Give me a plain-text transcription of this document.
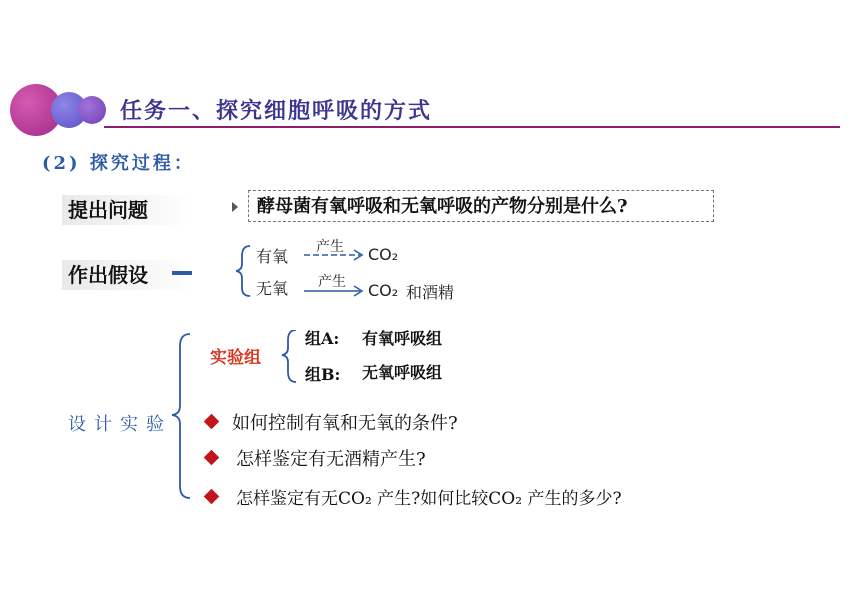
任务一、探究细胞呼吸的方式
(2) 探究过程：
提出问题	酵母菌有氧呼吸和无氧呼吸的产物分别是什么?
作出假设
有氧
无氧
产生
产生
CO₂
CO₂ 和酒精
实验组
组A: 有氧呼吸组
组B: 无氧呼吸组
设计实验	如何控制有氧和无氧的条件?
怎样鉴定有无酒精产生?
怎样鉴定有无CO₂ 产生?如何比较CO₂ 产生的多少?
